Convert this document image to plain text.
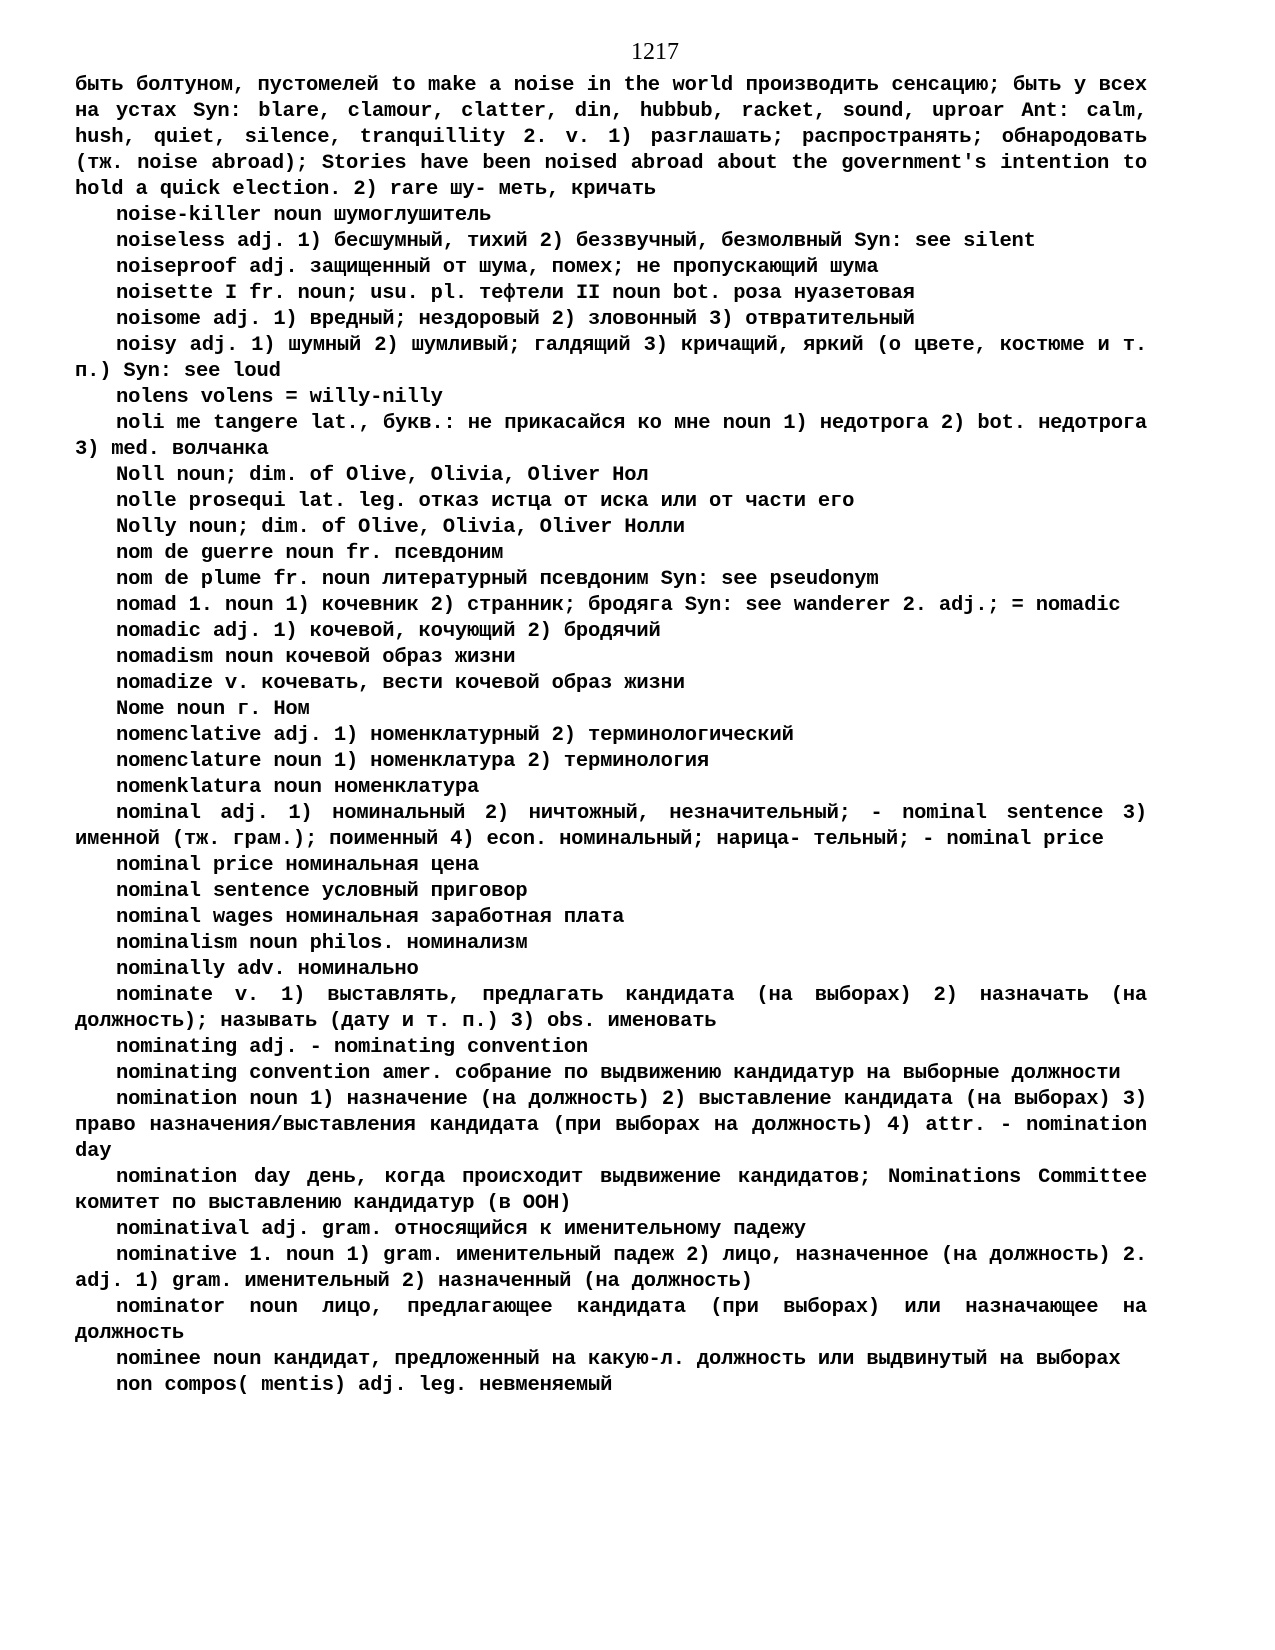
1217

быть болтуном, пустомелей to make a noise in the world производить сенсацию; быть у всех на устах Syn: blare, clamour, clatter, din, hubbub, racket, sound, uproar Ant: calm, hush, quiet, silence, tranquillity 2. v. 1) разглашать; распространять; обнародовать (тж. noise abroad); Stories have been noised abroad about the government's intention to hold a quick election. 2) rare шу- меть, кричать

noise-killer noun шумоглушитель

noiseless adj. 1) бесшумный, тихий 2) беззвучный, безмолвный Syn: see silent

noiseproof adj. защищенный от шума, помех; не пропускающий шума

noisette I fr. noun; usu. pl. тефтели II noun bot. роза нуазетовая

noisome adj. 1) вредный; нездоровый 2) зловонный 3) отвратительный

noisy adj. 1) шумный 2) шумливый; галдящий 3) кричащий, яркий (о цвете, костюме и т. п.) Syn: see loud

nolens volens = willy-nilly

noli me tangere lat., букв.: не прикасайся ко мне noun 1) недотрога 2) bot. недотрога 3) med. волчанка

Noll noun; dim. of Olive, Olivia, Oliver Нол

nolle prosequi lat. leg. отказ истца от иска или от части его

Nolly noun; dim. of Olive, Olivia, Oliver Нолли

nom de guerre noun fr. псевдоним

nom de plume fr. noun литературный псевдоним Syn: see pseudonym

nomad 1. noun 1) кочевник 2) странник; бродяга Syn: see wanderer 2. adj.; = nomadic

nomadic adj. 1) кочевой, кочующий 2) бродячий

nomadism noun кочевой образ жизни

nomadize v. кочевать, вести кочевой образ жизни

Nome noun г. Ном

nomenclative adj. 1) номенклатурный 2) терминологический

nomenclature noun 1) номенклатура 2) терминология

nomenklatura noun номенклатура

nominal adj. 1) номинальный 2) ничтожный, незначительный; - nominal sentence 3) именной (тж. грам.); поименный 4) econ. номинальный; нарица- тельный; - nominal price

nominal price номинальная цена

nominal sentence условный приговор

nominal wages номинальная заработная плата

nominalism noun philos. номинализм

nominally adv. номинально

nominate v. 1) выставлять, предлагать кандидата (на выборах) 2) назначать (на должность); называть (дату и т. п.) 3) obs. именовать

nominating adj. - nominating convention

nominating convention amer. собрание по выдвижению кандидатур на выборные должности

nomination noun 1) назначение (на должность) 2) выставление кандидата (на выборах) 3) право назначения/выставления кандидата (при выборах на должность) 4) attr. - nomination day

nomination day день, когда происходит выдвижение кандидатов; Nominations Committee комитет по выставлению кандидатур (в ООН)

nominatival adj. gram. относящийся к именительному падежу

nominative 1. noun 1) gram. именительный падеж 2) лицо, назначенное (на должность) 2. adj. 1) gram. именительный 2) назначенный (на должность)

nominator noun лицо, предлагающее кандидата (при выборах) или назначающее на должность

nominee noun кандидат, предложенный на какую-л. должность или выдвинутый на выборах

non compos( mentis) adj. leg. невменяемый
